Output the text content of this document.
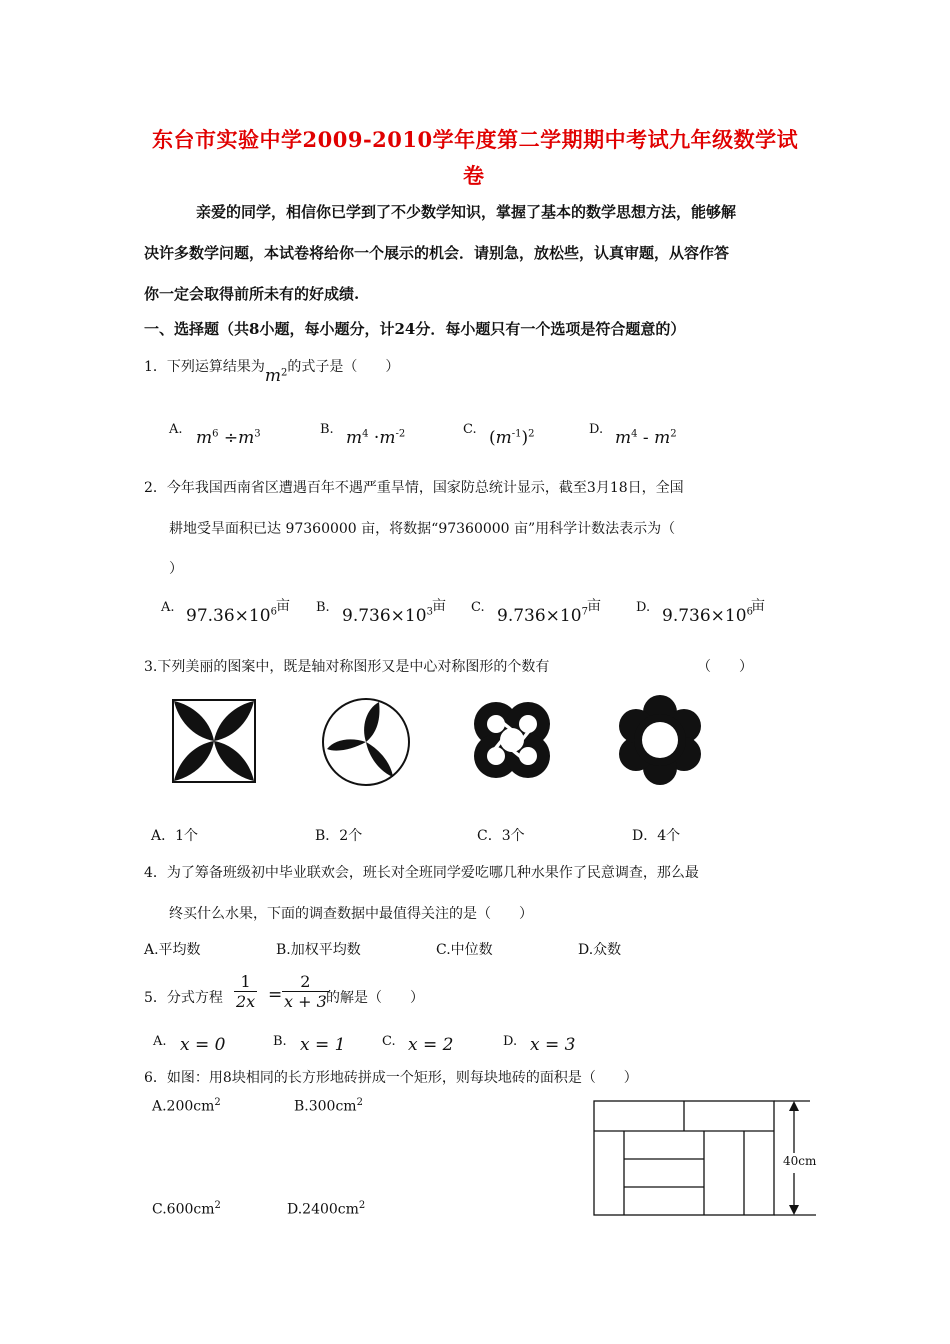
东台市实验中学2009-2010学年度第二学期期中考试九年级数学试
卷
亲爱的同学，相信你已学到了不少数学知识，掌握了基本的数学思想方法，能够解
决许多数学问题，本试卷将给你一个展示的机会．请别急，放松些，认真审题，从容作答
你一定会取得前所未有的好成绩.
一、选择题（共8小题，每小题分，计24分．每小题只有一个选项是符合题意的）
1．下列运算结果为$m^2$的式子是（　　）
A. $m^6 \div m^3$	B. $m^4 \cdot m^{-2}$	C. $(m^{-1})^2$	D. $m^4 - m^2$
2．今年我国西南省区遭遇百年不遇严重旱情，国家防总统计显示，截至3月18日，全国
耕地受旱面积已达 97360000 亩，将数据“97360000 亩”用科学计数法表示为（
）
A. $97.36\times 10^6$ 亩 B. $9.736\times 10^3$ 亩 C. $9.736\times 10^7$ 亩	D. $9.736\times 10^6$
亩
3.下列美丽的图案中，既是轴对称图形又是中心对称图形的个数有	（　　）
A．1个	B．2个	C．3个	D．4个
4．为了筹备班级初中毕业联欢会，班长对全班同学爱吃哪几种水果作了民意调查，那么最
终买什么水果，下面的调查数据中最值得关注的是（　　）
A.平均数	B.加权平均数	C.中位数	D.众数
5．分式方程 $\frac{1}{2x} = \frac{2}{x + 3}$
的解是（　　）
A. x = 0	B. x = 1	C. x = 2	D. x = 3
6．如图：用8块相同的长方形地砖拼成一个矩形，则每块地砖的面积是（　　）
$A.200cm^2$	$B.300cm^2$
$C.600cm^2$	$D.2400cm^2$
40cm
